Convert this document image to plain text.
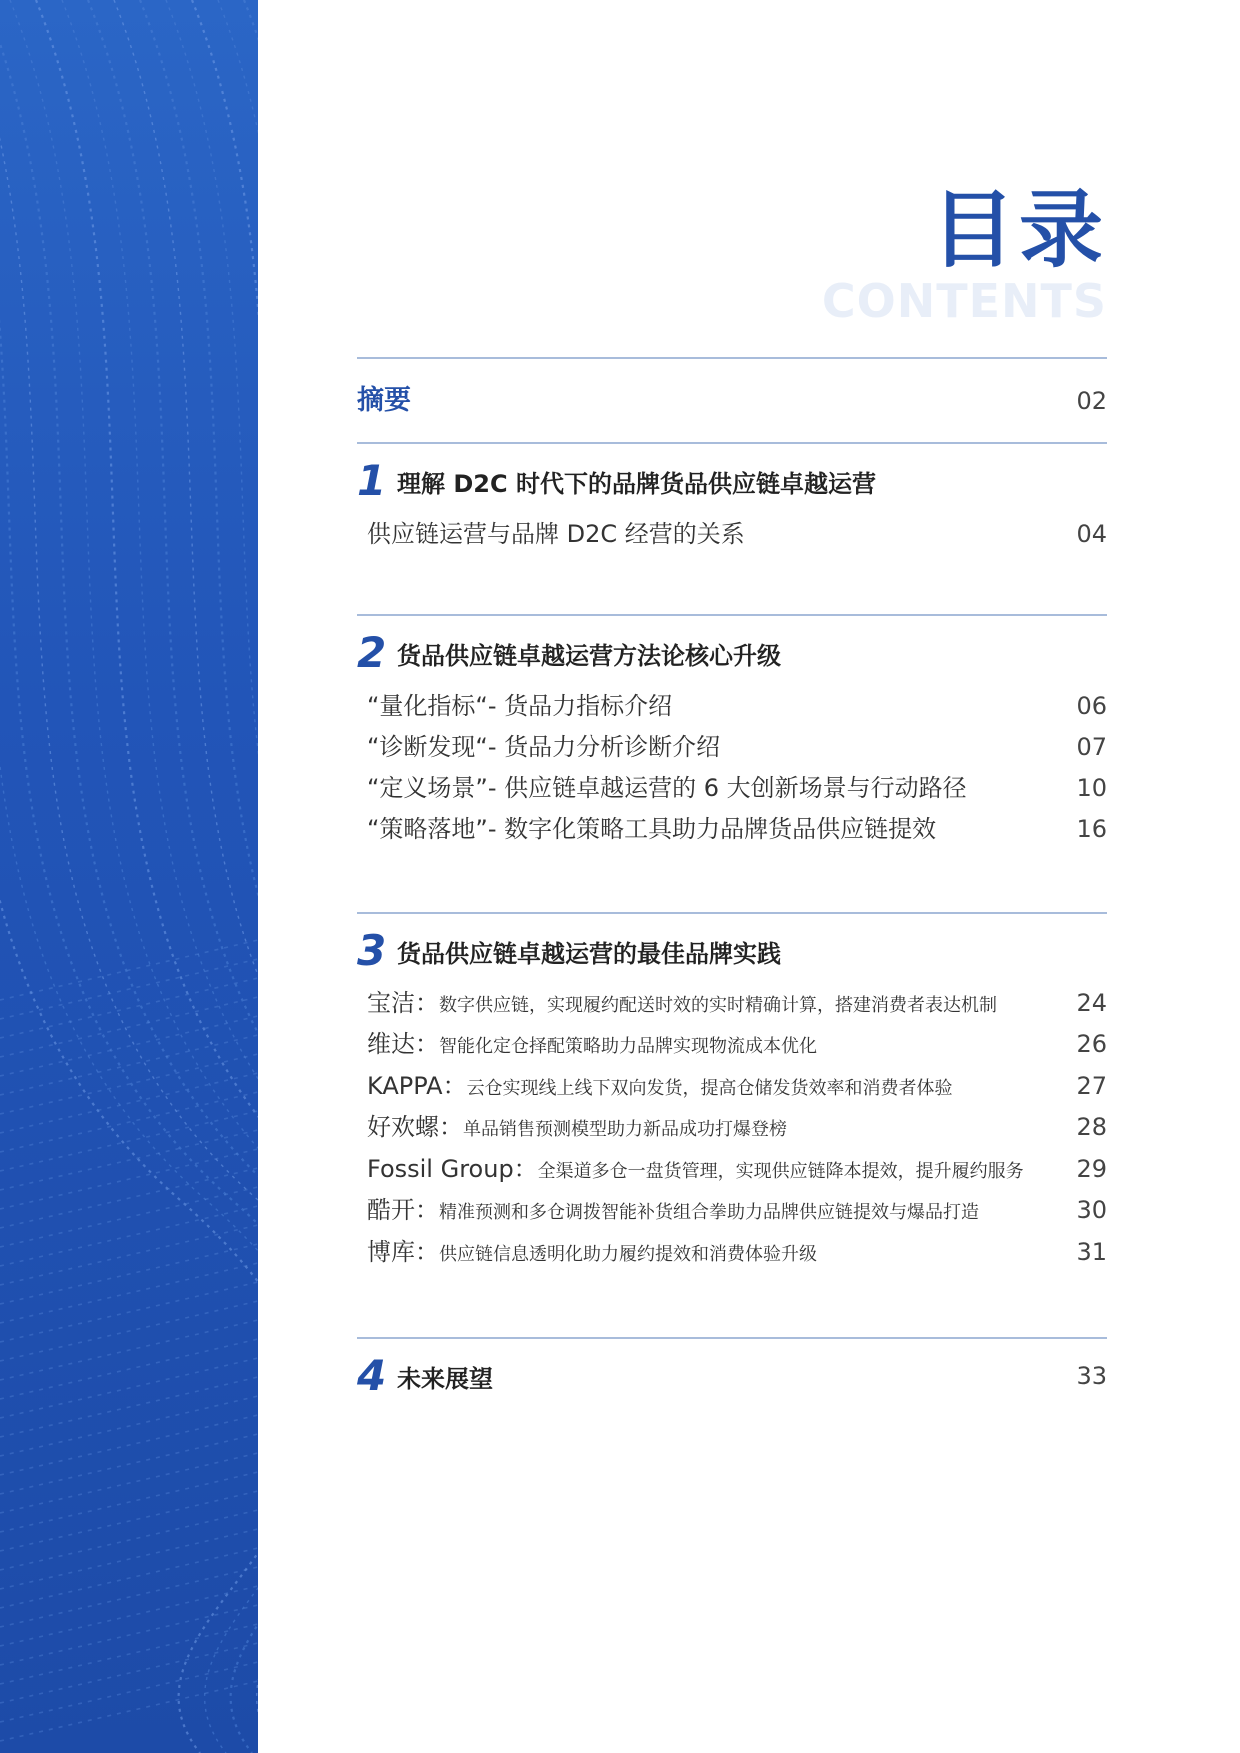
目录
CONTENTS
摘要	02
1 理解 D2C 时代下的品牌货品供应链卓越运营
供应链运营与品牌 D2C 经营的关系	04
2 货品供应链卓越运营方法论核心升级
“量化指标“- 货品力指标介绍	06
“诊断发现“- 货品力分析诊断介绍	07
“定义场景”- 供应链卓越运营的 6 大创新场景与行动路径	10
“策略落地”- 数字化策略工具助力品牌货品供应链提效	16
3 货品供应链卓越运营的最佳品牌实践
宝洁： 数字供应链，实现履约配送时效的实时精确计算，搭建消费者表达机制	24
维达： 智能化定仓择配策略助力品牌实现物流成本优化	26
KAPPA： 云仓实现线上线下双向发货，提高仓储发货效率和消费者体验	27
好欢螺： 单品销售预测模型助力新品成功打爆登榜	28
Fossil Group： 全渠道多仓一盘货管理，实现供应链降本提效，提升履约服务 29
酷开： 精准预测和多仓调拨智能补货组合拳助力品牌供应链提效与爆品打造	30
博库： 供应链信息透明化助力履约提效和消费体验升级	31
4 未来展望	33
